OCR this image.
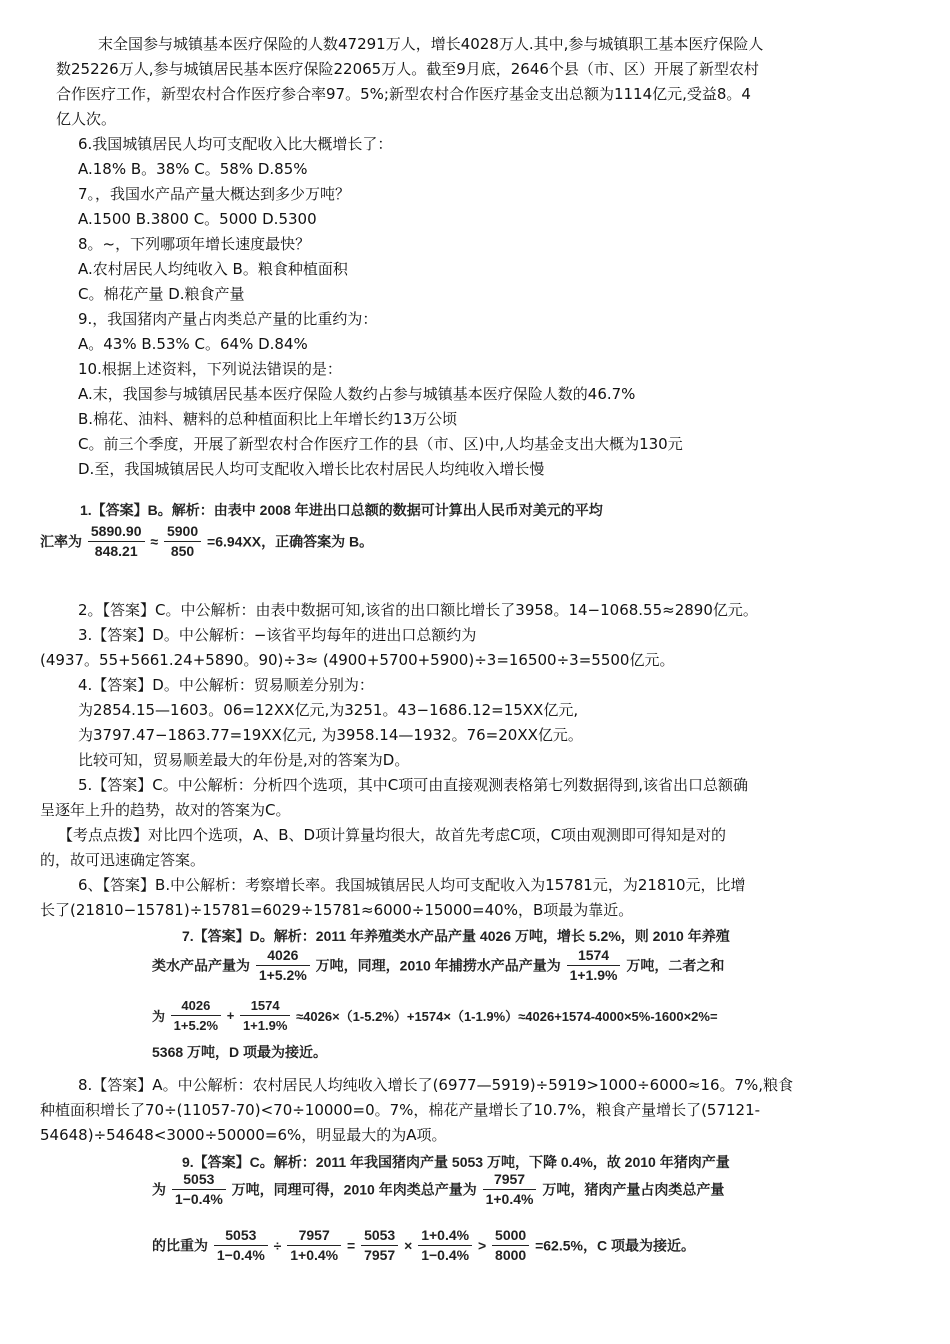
末全国参与城镇基本医疗保险的人数47291万人，增长4028万人.其中,参与城镇职工基本医疗保险人
数25226万人,参与城镇居民基本医疗保险22065万人。截至9月底，2646个县（市、区）开展了新型农村
合作医疗工作，新型农村合作医疗参合率97。5%;新型农村合作医疗基金支出总额为1114亿元,受益8。4
亿人次。
6.我国城镇居民人均可支配收入比大概增长了：
A.18% B。38% C。58% D.85%
7。，我国水产品产量大概达到多少万吨？
A.1500 B.3800 C。5000 D.5300
8。~，下列哪项年增长速度最快？
A.农村居民人均纯收入 B。粮食种植面积
C。棉花产量 D.粮食产量
9.，我国猪肉产量占肉类总产量的比重约为：
A。43% B.53% C。64% D.84%
10.根据上述资料，下列说法错误的是：
A.末，我国参与城镇居民基本医疗保险人数约占参与城镇基本医疗保险人数的46.7%
B.棉花、油料、糖料的总种植面积比上年增长约13万公顷
C。前三个季度，开展了新型农村合作医疗工作的县（市、区)中,人均基金支出大概为130元
D.至，我国城镇居民人均可支配收入增长比农村居民人均纯收入增长慢
1.【答案】B。解析：由表中 2008 年进出口总额的数据可计算出人民币对美元的平均
汇率为 $\frac{5890.90}{848.21} \approx \frac{5900}{850} =6.94XX$，正确答案为 B。
2。【答案】C。中公解析：由表中数据可知,该省的出口额比增长了3958。14−1068.55≈2890亿元。
3.【答案】D。中公解析：−该省平均每年的进出口总额约为
(4937。55+5661.24+5890。90)÷3≈ (4900+5700+5900)÷3=16500÷3=5500亿元。
4.【答案】D。中公解析：贸易顺差分别为：
为2854.15—1603。06=12XX亿元,为3251。43−1686.12=15XX亿元,
为3797.47−1863.77=19XX亿元, 为3958.14—1932。76=20XX亿元。
比较可知，贸易顺差最大的年份是,对的答案为D。
5.【答案】C。中公解析：分析四个选项，其中C项可由直接观测表格第七列数据得到,该省出口总额确
呈逐年上升的趋势，故对的答案为C。
【考点点拨】对比四个选项，A、B、D项计算量均很大，故首先考虑C项，C项由观测即可得知是对的
的，故可迅速确定答案。
6、【答案】B.中公解析：考察增长率。我国城镇居民人均可支配收入为15781元，为21810元，比增
长了(21810−15781)÷15781=6029÷15781≈6000÷15000=40%，B项最为靠近。
7.【答案】D。解析：2011 年养殖类水产品产量 4026 万吨，增长 5.2%，则 2010 年养殖
类水产品产量为 $\frac{4026}{1+5.2\%}$ 万吨，同理，2010 年捕捞水产品产量为 $\frac{1574}{1+1.9\%}$ 万吨，二者之和
为 $\frac{4026}{1+5.2\%} + \frac{1574}{1+1.9\%} \approx 4026\times(1-5.2\%)+1574\times(1-1.9\%)\approx 4026+1574-4000\times 5\%-1600\times 2\%=$
5368 万吨，D 项最为接近。
8.【答案】A。中公解析：农村居民人均纯收入增长了(6977—5919)÷5919>1000÷6000≈16。7%,粮食
种植面积增长了70÷(11057-70)<70÷10000=0。7%，棉花产量增长了10.7%，粮食产量增长了(57121-
54648)÷54648<3000÷50000=6%，明显最大的为A项。
9.【答案】C。解析：2011 年我国猪肉产量 5053 万吨，下降 0.4%，故 2010 年猪肉产量
为 $\frac{5053}{1-0.4\%}$ 万吨，同理可得，2010 年肉类总产量为 $\frac{7957}{1+0.4\%}$ 万吨，猪肉产量占肉类总产量
的比重为 $\frac{5053}{1-0.4\%} \div \frac{7957}{1+0.4\%} = \frac{5053}{7957} \times \frac{1+0.4\%}{1-0.4\%} > \frac{5000}{8000} =62.5\%$，C 项最为接近。
